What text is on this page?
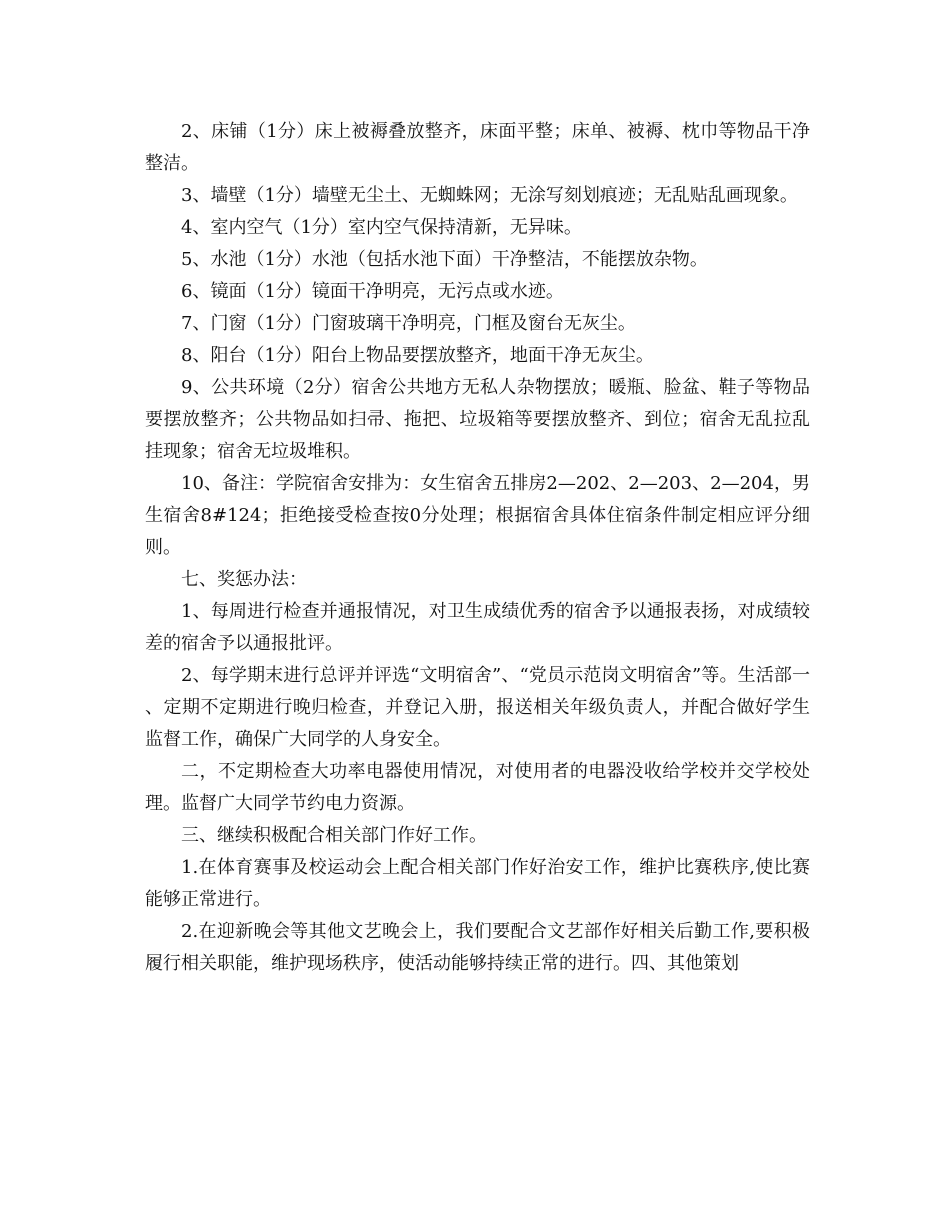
2、床铺（1分）床上被褥叠放整齐，床面平整；床单、被褥、枕巾等物品干净整洁。

3、墙壁（1分）墙壁无尘土、无蜘蛛网；无涂写刻划痕迹；无乱贴乱画现象。

4、室内空气（1分）室内空气保持清新，无异味。

5、水池（1分）水池（包括水池下面）干净整洁，不能摆放杂物。

6、镜面（1分）镜面干净明亮，无污点或水迹。

7、门窗（1分）门窗玻璃干净明亮，门框及窗台无灰尘。

8、阳台（1分）阳台上物品要摆放整齐，地面干净无灰尘。

9、公共环境（2分）宿舍公共地方无私人杂物摆放；暖瓶、脸盆、鞋子等物品要摆放整齐；公共物品如扫帚、拖把、垃圾箱等要摆放整齐、到位；宿舍无乱拉乱挂现象；宿舍无垃圾堆积。

10、备注：学院宿舍安排为：女生宿舍五排房2—202、2—203、2—204，男生宿舍8#124；拒绝接受检查按0分处理；根据宿舍具体住宿条件制定相应评分细则。

七、奖惩办法：

1、每周进行检查并通报情况，对卫生成绩优秀的宿舍予以通报表扬，对成绩较差的宿舍予以通报批评。

2、每学期末进行总评并评选“文明宿舍”、“党员示范岗文明宿舍”等。生活部一、定期不定期进行晚归检查，并登记入册，报送相关年级负责人，并配合做好学生监督工作，确保广大同学的人身安全。

二，不定期检查大功率电器使用情况，对使用者的电器没收给学校并交学校处理。监督广大同学节约电力资源。

三、继续积极配合相关部门作好工作。

1.在体育赛事及校运动会上配合相关部门作好治安工作，维护比赛秩序,使比赛能够正常进行。

2.在迎新晚会等其他文艺晚会上，我们要配合文艺部作好相关后勤工作,要积极履行相关职能，维护现场秩序，使活动能够持续正常的进行。四、其他策划
